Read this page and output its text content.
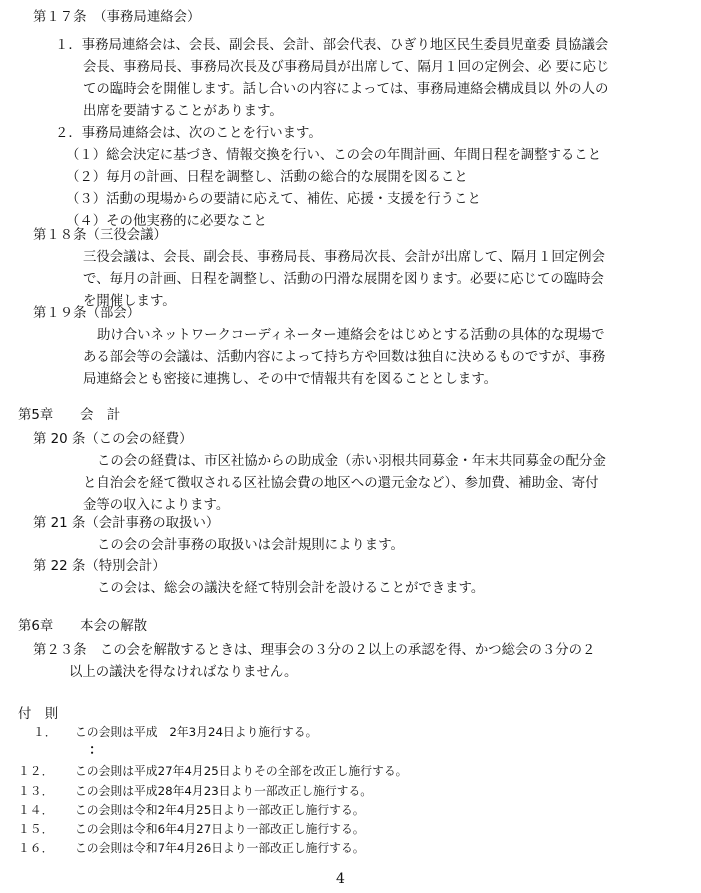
第１７条　（事務局連絡会）
１．事務局連絡会は、会長、副会長、会計、部会代表、ひぎり地区民生委員児童委 員協議会
会長、事務局長、事務局次長及び事務局員が出席して、隔月１回の定例会、必 要に応じ
ての臨時会を開催します。話し合いの内容によっては、事務局連絡会構成員以 外の人の
出席を要請することがあります。
２．事務局連絡会は、次のことを行います。
（１）総会決定に基づき、情報交換を行い、この会の年間計画、年間日程を調整すること
（２）毎月の計画、日程を調整し、活動の総合的な展開を図ること
（３）活動の現場からの要請に応えて、補佐、応援・支援を行うこと
（４）その他実務的に必要なこと
第１８条（三役会議）
三役会議は、会長、副会長、事務局長、事務局次長、会計が出席して、隔月１回定例会
で、毎月の計画、日程を調整し、活動の円滑な展開を図ります。必要に応じての臨時会
を開催します。
第１９条（部会）
助け合いネットワークコーディネーター連絡会をはじめとする活動の具体的な現場で
ある部会等の会議は、活動内容によって持ち方や回数は独自に決めるものですが、事務
局連絡会とも密接に連携し、その中で情報共有を図ることとします。
第5章　　会　計
第 20 条（この会の経費）
この会の経費は、市区社協からの助成金（赤い羽根共同募金・年末共同募金の配分金
と自治会を経て徴収される区社協会費の地区への還元金など）、参加費、補助金、寄付
金等の収入によります。
第 21 条（会計事務の取扱い）
この会の会計事務の取扱いは会計規則によります。
第 22 条（特別会計）
この会は、総会の議決を経て特別会計を設けることができます。
第6章　　本会の解散
第２３条　この会を解散するときは、理事会の３分の２以上の承認を得、かつ総会の３分の２
以上の議決を得なければなりません。
付　則
１． この会則は平成　2年3月24日より施行する。
：
１２． この会則は平成27年4月25日よりその全部を改正し施行する。
１３． この会則は平成28年4月23日より一部改正し施行する。
１４． この会則は令和2年4月25日より一部改正し施行する。
１５． この会則は令和6年4月27日より一部改正し施行する。
１６． この会則は令和7年4月26日より一部改正し施行する。
4
